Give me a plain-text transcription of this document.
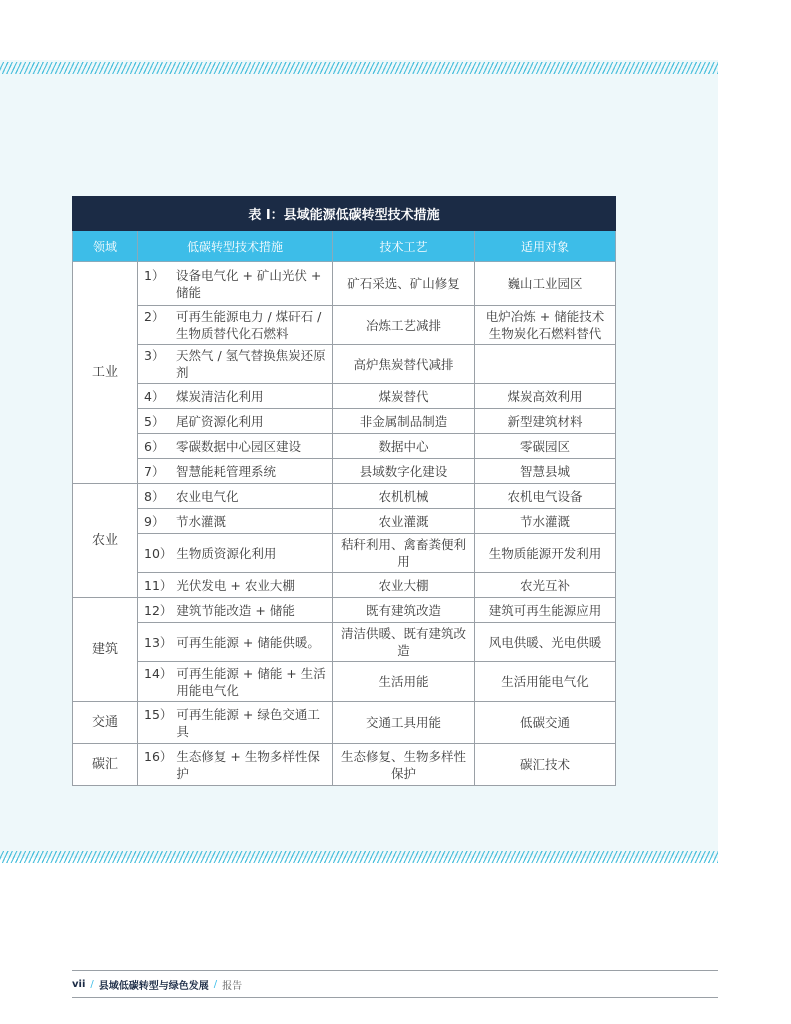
表 I：县域能源低碳转型技术措施			
领域	低碳转型技术措施	技术工艺	适用对象
工业	1） 设备电气化 + 矿山光伏 + 储能	矿石采选、矿山修复	巍山工业园区

	2） 可再生能源电力 / 煤矸石 / 生物质替代化石燃料	冶炼工艺减排	电炉冶炼 + 储能技术 生物炭化石燃料替代

	3） 天然气 / 氢气替换焦炭还原剂	高炉焦炭替代减排	

	4） 煤炭清洁化利用	煤炭替代	煤炭高效利用

	5） 尾矿资源化利用	非金属制品制造	新型建筑材料

	6） 零碳数据中心园区建设	数据中心	零碳园区

	7） 智慧能耗管理系统	县域数字化建设	智慧县城
农业	8） 农业电气化	农机机械	农机电气设备

	9） 节水灌溉	农业灌溉	节水灌溉

	10） 生物质资源化利用	秸秆利用、禽畜粪便利用	生物质能源开发利用

	11） 光伏发电 + 农业大棚	农业大棚	农光互补
建筑	12） 建筑节能改造 + 储能	既有建筑改造	建筑可再生能源应用

	13） 可再生能源 + 储能供暖。	清洁供暖、既有建筑改造	风电供暖、光电供暖

	14） 可再生能源 + 储能 + 生活用能电气化	生活用能	生活用能电气化
交通	15） 可再生能源 + 绿色交通工具	交通工具用能	低碳交通
碳汇	16） 生态修复 + 生物多样性保护	生态修复、生物多样性保护	碳汇技术
vii / 县域低碳转型与绿色发展 / 报告
